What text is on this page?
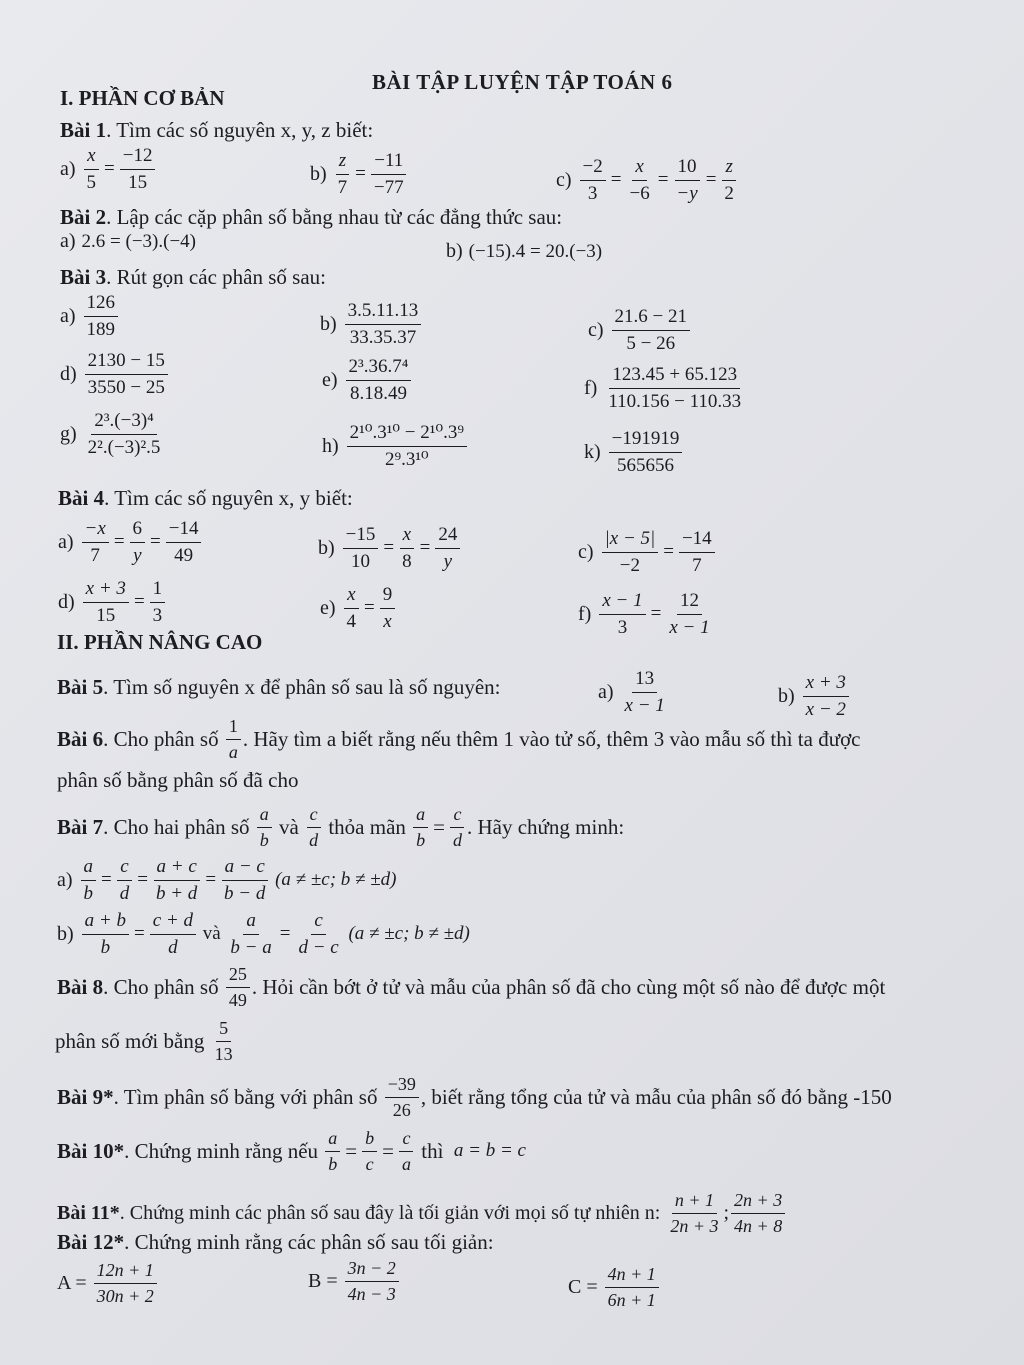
BÀI TẬP LUYỆN TẬP TOÁN 6
I. PHẦN CƠ BẢN
Bài 1. Tìm các số nguyên x, y, z biết:
$a) \frac{x}{5} = \frac{-12}{15}$	$b) \frac{z}{7} = \frac{-11}{-77}$	$c) \frac{-2}{3} = \frac{x}{-6} = \frac{10}{-y} = \frac{z}{2}$
Bài 2. Lập các cặp phân số bằng nhau từ các đẳng thức sau:
a) 2.6 = (−3).(−4)	b) (−15).4 = 20.(−3)
Bài 3. Rút gọn các phân số sau:
$a) \frac{126}{189}$	$b) \frac{3.5.11.13}{33.35.37}$	$c) \frac{21.6 - 21}{5 - 26}$
$d) \frac{2130 - 15}{3550 - 25}$	$e) \frac{\text{2³.36.7⁴}}{8.18.49}$	$f) \frac{123.45 + 65.123}{110.156 - 110.33}$
$g) \frac{\text{2³.(−3)⁴}}{\text{2².(−3)².5}}$	$h) \frac{\text{2¹⁰.3¹⁰ − 2¹⁰.3⁹}}{\text{2⁹.3¹⁰}}$	$k) \frac{-191919}{565656}$
Bài 4. Tìm các số nguyên x, y biết:
$a) \frac{-x}{7} = \frac{6}{y} = \frac{-14}{49}$	$b) \frac{-15}{10} = \frac{x}{8} = \frac{24}{y}$	$c) \frac{|x - 5|}{-2} = \frac{-14}{7}$
$d) \frac{x + 3}{15} = \frac{1}{3}$	$e) \frac{x}{4} = \frac{9}{x}$	$f) \frac{x - 1}{3} = \frac{12}{x - 1}$
II. PHẦN NÂNG CAO
Bài 5. Tìm số nguyên x để phân số sau là số nguyên:	$a) \frac{13}{x - 1}$	$b) \frac{x + 3}{x - 2}$
Bài 6 . Cho phân số
$\frac{1}{a}$ . Hãy tìm a biết rằng nếu thêm 1 vào tử số, thêm 3 vào mẫu số thì ta được
phân số bằng phân số đã cho
Bài 7 . Cho hai phân số
$\frac{a}{b}$
và
$\frac{c}{d}$
thỏa mãn
$\frac{a}{b} = \frac{c}{d}$ . Hãy chứng minh:
$a) \frac{a}{b} = \frac{c}{d} = \frac{a + c}{b + d} = \frac{a - c}{b - d}$
(a ≠ ±c; b ≠ ±d)
$b) \frac{a + b}{b} = \frac{c + d}{d}$
và
$\frac{a}{b - a} = \frac{c}{d - c}$
(a ≠ ±c; b ≠ ±d)
Bài 8 . Cho phân số
$\frac{25}{49}$ . Hỏi cần bớt ở tử và mẫu của phân số đã cho cùng một số nào để được một
phân số mới bằng
$\frac{5}{13}$
Bài 9* . Tìm phân số bằng với phân số
$\frac{-39}{26}$ , biết rằng tổng của tử và mẫu của phân số đó bằng -150
Bài 10* . Chứng minh rằng nếu
$\frac{a}{b} = \frac{b}{c} = \frac{c}{a}$
thì
a = b = c
Bài 11* . Chứng minh các phân số sau đây là tối giản với mọi số tự nhiên n:
$\frac{n + 1}{2n + 3}$ ; $\frac{2n + 3}{4n + 8}$
Bài 12*. Chứng minh rằng các phân số sau tối giản:
A =
$\frac{12n + 1}{30n + 2}$	B =
$\frac{3n - 2}{4n - 3}$	C =
$\frac{4n + 1}{6n + 1}$
